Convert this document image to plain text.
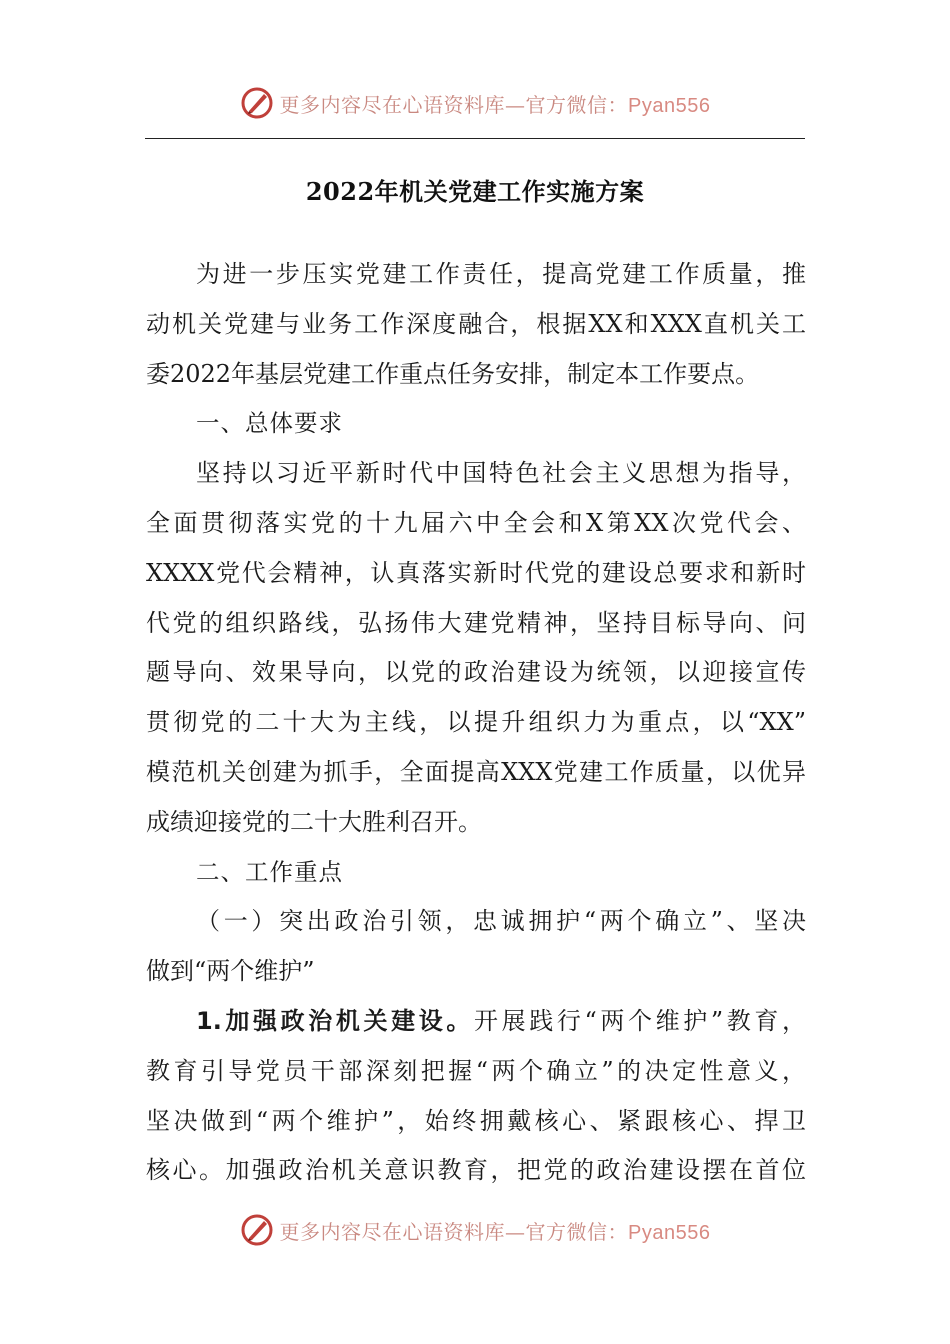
更多内容尽在心语资料库—官方微信：Pyan556
2022年机关党建工作实施方案
为进一步压实党建工作责任，提高党建工作质量，推
动机关党建与业务工作深度融合，根据XX和XXX直机关工
委2022年基层党建工作重点任务安排，制定本工作要点。
一、总体要求
坚持以习近平新时代中国特色社会主义思想为指导，
全面贯彻落实党的十九届六中全会和X第XX次党代会、
XXXX党代会精神，认真落实新时代党的建设总要求和新时
代党的组织路线，弘扬伟大建党精神，坚持目标导向、问
题导向、效果导向，以党的政治建设为统领，以迎接宣传
贯彻党的二十大为主线，以提升组织力为重点，以“XX”
模范机关创建为抓手，全面提高XXX党建工作质量，以优异
成绩迎接党的二十大胜利召开。
二、工作重点
（一）突出政治引领，忠诚拥护“两个确立”、坚决
做到“两个维护”
1.加强政治机关建设。开展践行“两个维护”教育，
教育引导党员干部深刻把握“两个确立”的决定性意义，
坚决做到“两个维护”，始终拥戴核心、紧跟核心、捍卫
核心。加强政治机关意识教育，把党的政治建设摆在首位
更多内容尽在心语资料库—官方微信：Pyan556
